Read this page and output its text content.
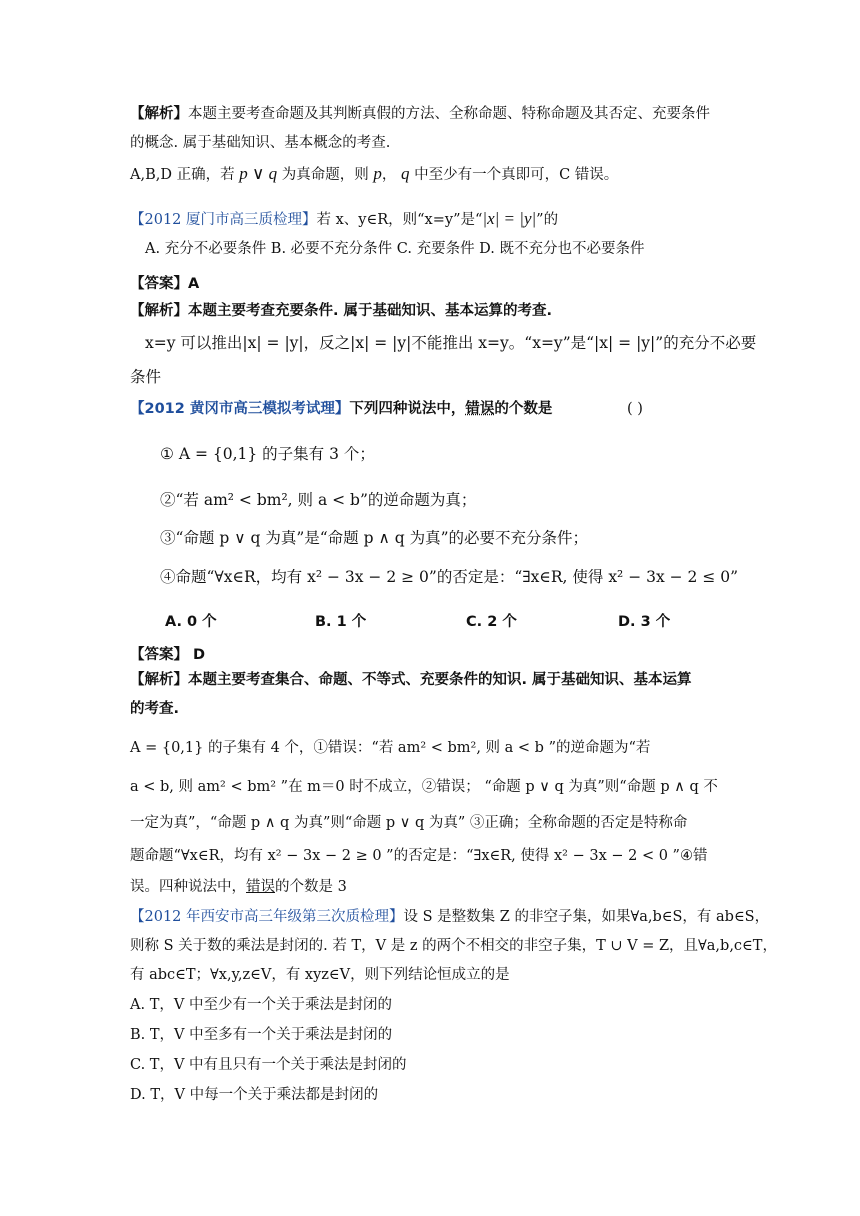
【解析】本题主要考查命题及其判断真假的方法、全称命题、特称命题及其否定、充要条件
的概念. 属于基础知识、基本概念的考查.
A,B,D 正确，若 p ∨ q 为真命题，则 p， q 中至少有一个真即可，C 错误。
【2012 厦门市高三质检理】若 x、y∈R，则“x=y”是“|x| = |y|”的
A. 充分不必要条件 B. 必要不充分条件 C. 充要条件 D. 既不充分也不必要条件
【答案】A
【解析】本题主要考查充要条件. 属于基础知识、基本运算的考查.
x=y 可以推出|x| = |y|，反之|x| = |y|不能推出 x=y。“x=y”是“|x| = |y|”的充分不必要
条件
【2012 黄冈市高三模拟考试理】下列四种说法中，错误的个数是	( )
① A = {0,1} 的子集有 3 个；
②“若 am² < bm², 则 a < b”的逆命题为真；
③“命题 p ∨ q 为真”是“命题 p ∧ q 为真”的必要不充分条件；
④命题“∀x∈R，均有 x² − 3x − 2 ≥ 0”的否定是：“∃x∈R, 使得 x² − 3x − 2 ≤ 0”
A. 0 个	B. 1 个	C. 2 个	D. 3 个
【答案】 D
【解析】本题主要考查集合、命题、不等式、充要条件的知识. 属于基础知识、基本运算
的考查.
A = {0,1} 的子集有 4 个，①错误：“若 am² < bm², 则 a < b ”的逆命题为“若
a < b, 则 am² < bm² ”在 m＝0 时不成立，②错误； “命题 p ∨ q 为真”则“命题 p ∧ q 不
一定为真”，“命题 p ∧ q 为真”则“命题 p ∨ q 为真” ③正确；全称命题的否定是特称命
题命题“∀x∈R，均有 x² − 3x − 2 ≥ 0 ”的否定是：“∃x∈R, 使得 x² − 3x − 2 < 0 ”④错
误。四种说法中，错误的个数是 3
【2012 年西安市高三年级第三次质检理】设 S 是整数集 Z 的非空子集，如果∀a,b∈S，有 ab∈S，
则称 S 关于数的乘法是封闭的. 若 T，V 是 z 的两个不相交的非空子集，T ∪ V = Z，且∀a,b,c∈T，
有 abc∈T；∀x,y,z∈V，有 xyz∈V，则下列结论恒成立的是
A. T，V 中至少有一个关于乘法是封闭的
B. T，V 中至多有一个关于乘法是封闭的
C. T，V 中有且只有一个关于乘法是封闭的
D. T，V 中每一个关于乘法都是封闭的
